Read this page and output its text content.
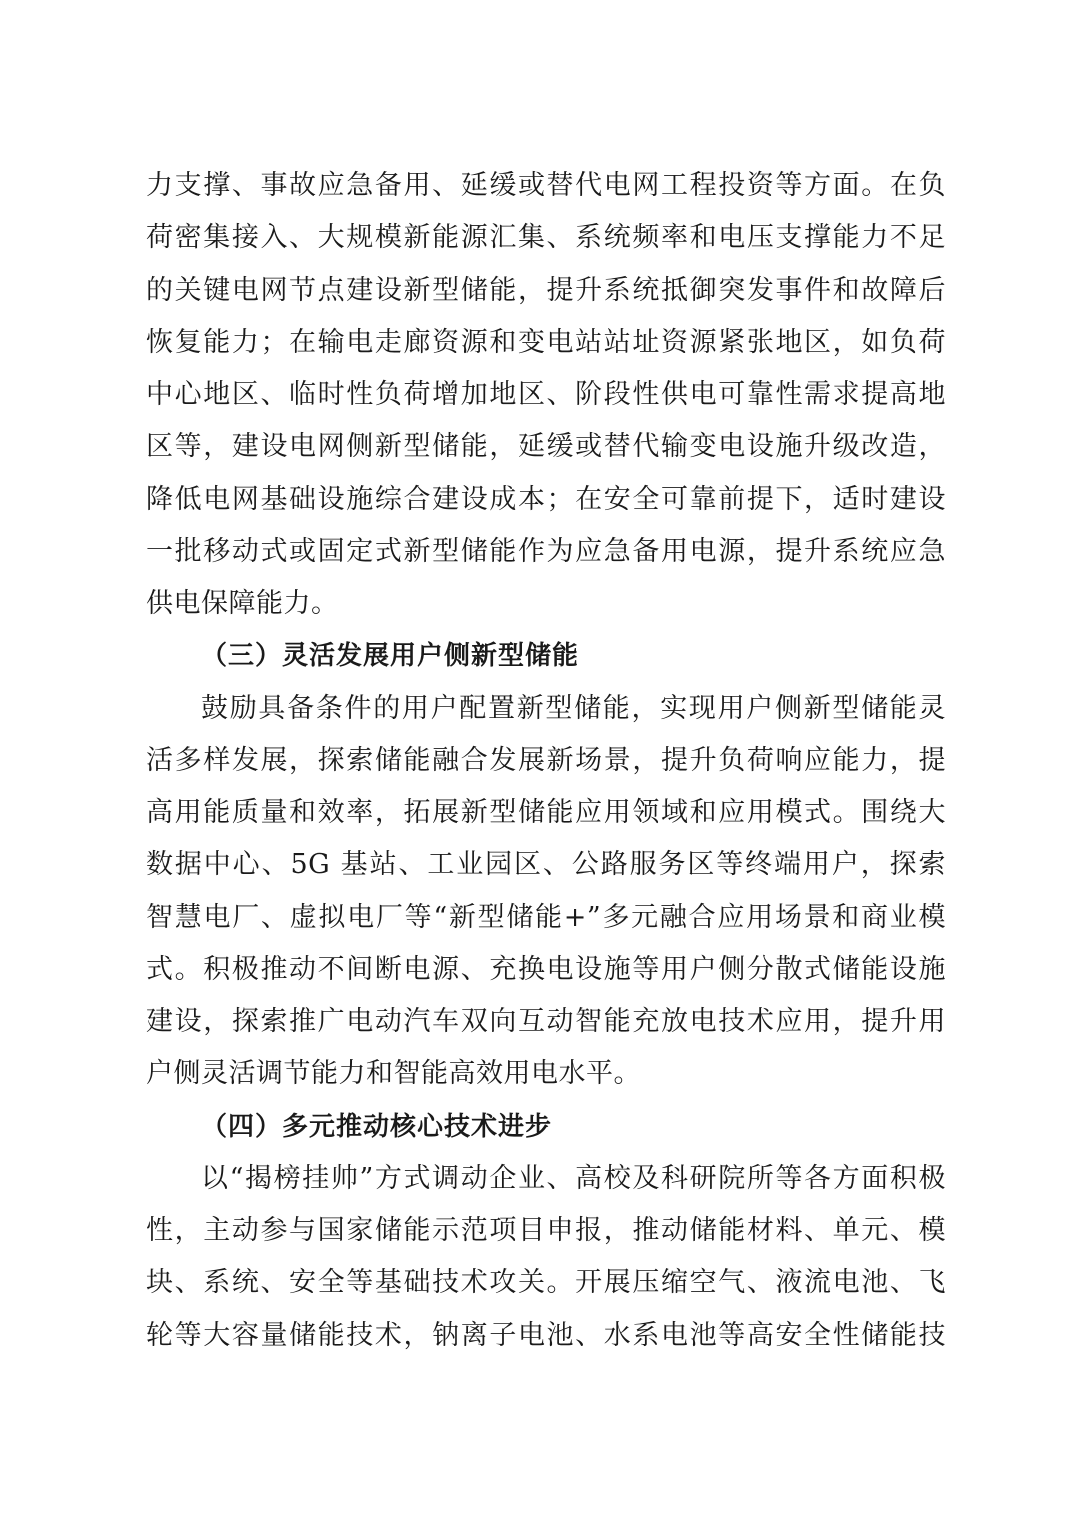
力支撑、事故应急备用、延缓或替代电网工程投资等方面。在负
荷密集接入、大规模新能源汇集、系统频率和电压支撑能力不足
的关键电网节点建设新型储能，提升系统抵御突发事件和故障后
恢复能力；在输电走廊资源和变电站站址资源紧张地区，如负荷
中心地区、临时性负荷增加地区、阶段性供电可靠性需求提高地
区等，建设电网侧新型储能，延缓或替代输变电设施升级改造，
降低电网基础设施综合建设成本；在安全可靠前提下，适时建设
一批移动式或固定式新型储能作为应急备用电源，提升系统应急
供电保障能力。
（三）灵活发展用户侧新型储能
鼓励具备条件的用户配置新型储能，实现用户侧新型储能灵
活多样发展，探索储能融合发展新场景，提升负荷响应能力，提
高用能质量和效率，拓展新型储能应用领域和应用模式。围绕大
数据中心、5G 基站、工业园区、公路服务区等终端用户，探索
智慧电厂、虚拟电厂等“新型储能+”多元融合应用场景和商业模
式。积极推动不间断电源、充换电设施等用户侧分散式储能设施
建设，探索推广电动汽车双向互动智能充放电技术应用，提升用
户侧灵活调节能力和智能高效用电水平。
（四）多元推动核心技术进步
以“揭榜挂帅”方式调动企业、高校及科研院所等各方面积极
性，主动参与国家储能示范项目申报，推动储能材料、单元、模
块、系统、安全等基础技术攻关。开展压缩空气、液流电池、飞
轮等大容量储能技术，钠离子电池、水系电池等高安全性储能技
